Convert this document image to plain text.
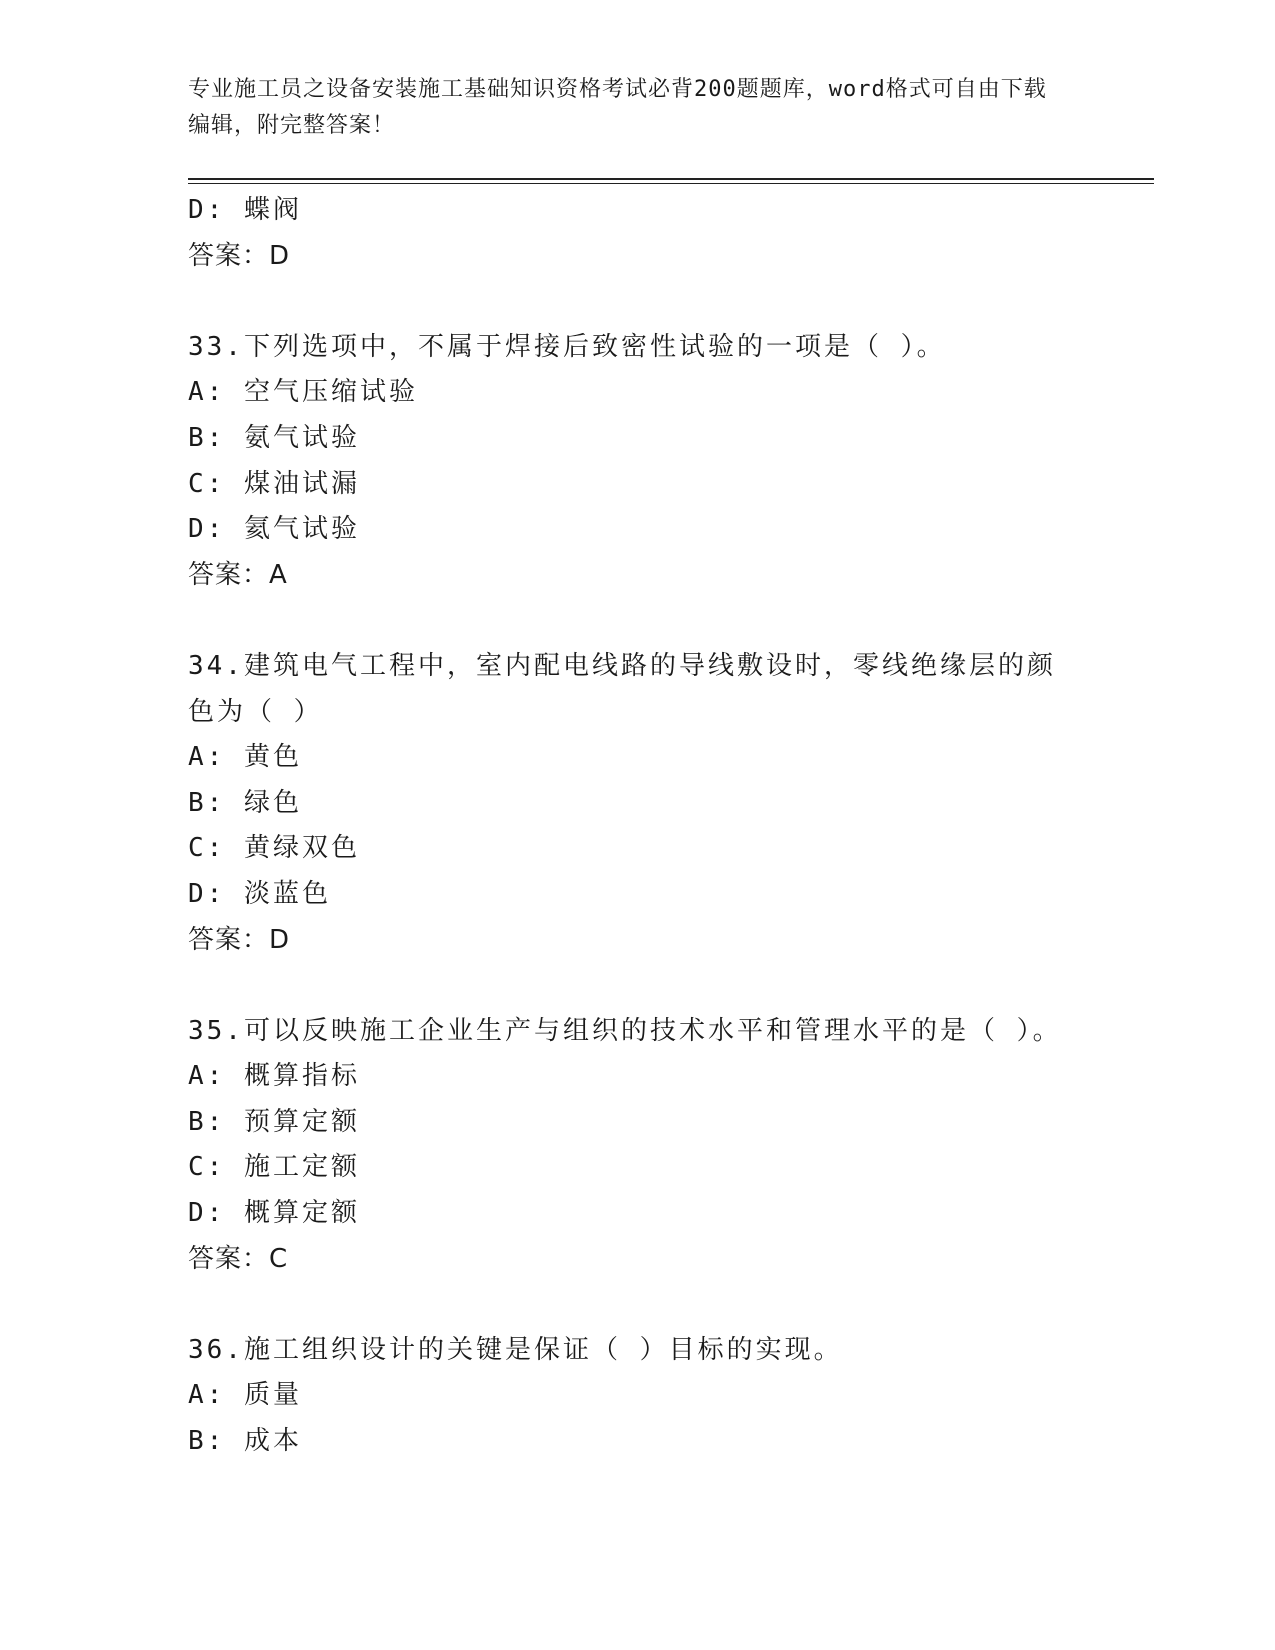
专业施工员之设备安装施工基础知识资格考试必背200题题库，word格式可自由下载编辑，附完整答案！
D: 蝶阀
答案：D
33.下列选项中，不属于焊接后致密性试验的一项是（ ）。
A: 空气压缩试验
B: 氨气试验
C: 煤油试漏
D: 氦气试验
答案：A
34.建筑电气工程中，室内配电线路的导线敷设时，零线绝缘层的颜色为（ ）
A: 黄色
B: 绿色
C: 黄绿双色
D: 淡蓝色
答案：D
35.可以反映施工企业生产与组织的技术水平和管理水平的是（ ）。
A: 概算指标
B: 预算定额
C: 施工定额
D: 概算定额
答案：C
36.施工组织设计的关键是保证（ ）目标的实现。
A: 质量
B: 成本
